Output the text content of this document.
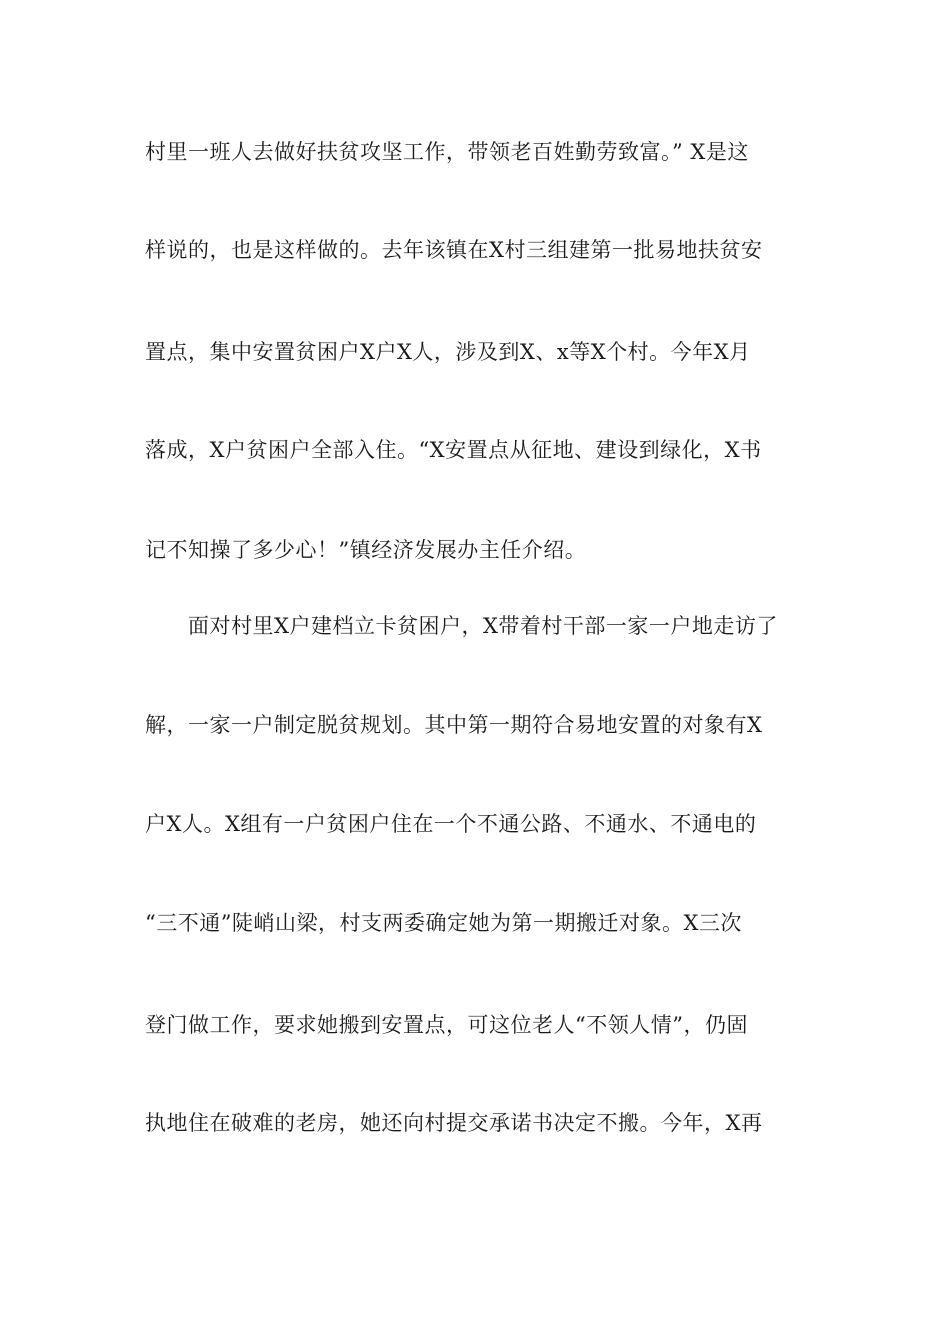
村里一班人去做好扶贫攻坚工作，带领老百姓勤劳致富。” X是这
样说的，也是这样做的。去年该镇在X村三组建第一批易地扶贫安
置点，集中安置贫困户X户X人，涉及到X、x等X个村。今年X月
落成，X户贫困户全部入住。“X安置点从征地、建设到绿化，X书
记不知操了多少心！”镇经济发展办主任介绍。
面对村里X户建档立卡贫困户，X带着村干部一家一户地走访了
解，一家一户制定脱贫规划。其中第一期符合易地安置的对象有X
户X人。X组有一户贫困户住在一个不通公路、不通水、不通电的
“三不通”陡峭山梁，村支两委确定她为第一期搬迁对象。X三次
登门做工作，要求她搬到安置点，可这位老人“不领人情”，仍固
执地住在破难的老房，她还向村提交承诺书决定不搬。今年，X再
